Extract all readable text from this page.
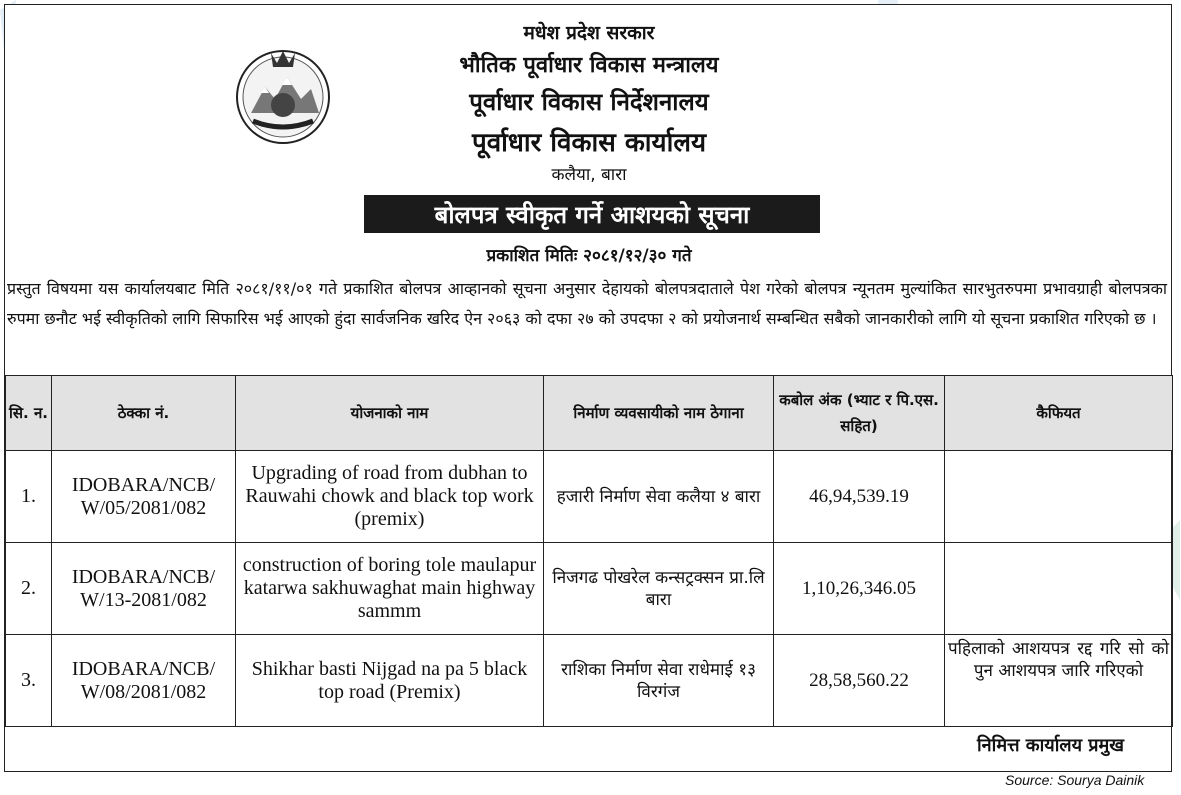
मधेश प्रदेश सरकार
भौतिक पूर्वाधार विकास मन्त्रालय
पूर्वाधार विकास निर्देशनालय
पूर्वाधार विकास कार्यालय
कलैया, बारा
बोलपत्र स्वीकृत गर्ने आशयको सूचना
प्रकाशित मितिः २०८१/१२/३० गते
प्रस्तुत विषयमा यस कार्यालयबाट मिति २०८१/११/०१ गते प्रकाशित बोलपत्र आव्हानको सूचना अनुसार देहायको बोलपत्रदाताले पेश गरेको बोलपत्र न्यूनतम मुल्यांकित सारभुतरुपमा प्रभावग्राही बोलपत्रका रुपमा छनौट भई स्वीकृतिको लागि सिफारिस भई आएको हुंदा सार्वजनिक खरिद ऐन २०६३ को दफा २७ को उपदफा २ को प्रयोजनार्थ सम्बन्धित सबैको जानकारीको लागि यो सूचना प्रकाशित गरिएको छ ।
निमित्त कार्यालय प्रमुख
सि. न.	ठेक्का नं.	योजनाको नाम	निर्माण व्यवसायीको नाम ठेगाना	कबोल अंक (भ्याट र पि.एस. सहित)	कैफियत
1.	IDOBARA/NCB/ W/05/2081/082	Upgrading of road from dubhan to Rauwahi chowk and black top work (premix)	हजारी निर्माण सेवा कलैया ४ बारा	46,94,539.19	
2.	IDOBARA/NCB/ W/13-2081/082	construction of boring tole maulapur katarwa sakhuwaghat main highway sammm	निजगढ पोखरेल कन्सट्रक्सन प्रा.लि बारा	1,10,26,346.05	
3.	IDOBARA/NCB/ W/08/2081/082	Shikhar basti Nijgad na pa 5 black top road (Premix)	राशिका निर्माण सेवा राधेमाई १३ विरगंज	28,58,560.22	पहिलाको आशयपत्र रद्द गरि सो को पुन आशयपत्र जारि गरिएको
Source: Sourya Dainik
